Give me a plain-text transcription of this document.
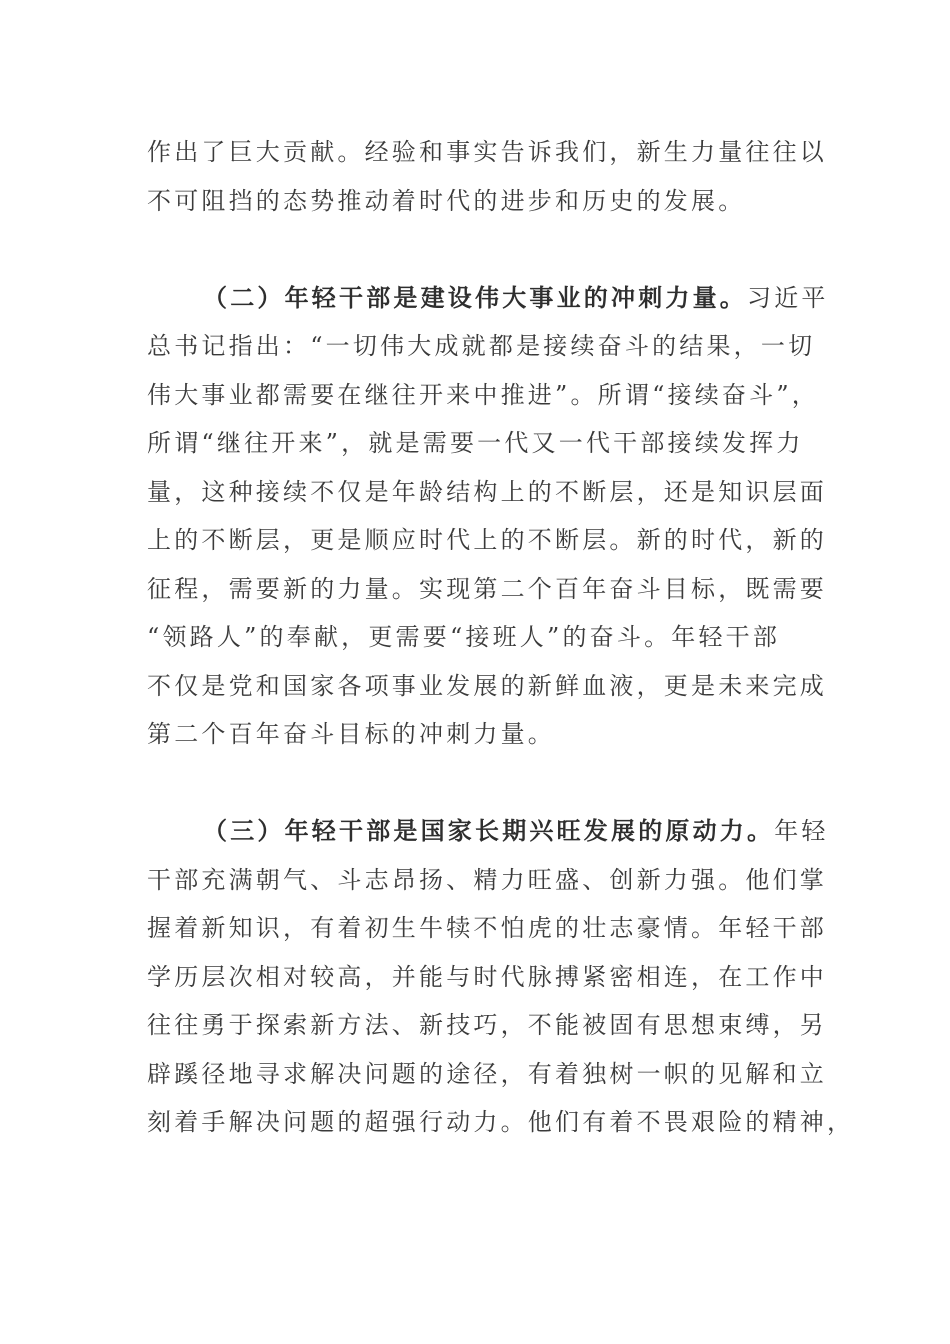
作出了巨大贡献。经验和事实告诉我们，新生力量往往以
不可阻挡的态势推动着时代的进步和历史的发展。
（二）年轻干部是建设伟大事业的冲刺力量。习近平
总书记指出：“一切伟大成就都是接续奋斗的结果，一切
伟大事业都需要在继往开来中推进”。所谓“接续奋斗”，
所谓“继往开来”，就是需要一代又一代干部接续发挥力
量，这种接续不仅是年龄结构上的不断层，还是知识层面
上的不断层，更是顺应时代上的不断层。新的时代，新的
征程，需要新的力量。实现第二个百年奋斗目标，既需要
“领路人”的奉献，更需要“接班人”的奋斗。年轻干部
不仅是党和国家各项事业发展的新鲜血液，更是未来完成
第二个百年奋斗目标的冲刺力量。
（三）年轻干部是国家长期兴旺发展的原动力。年轻
干部充满朝气、斗志昂扬、精力旺盛、创新力强。他们掌
握着新知识，有着初生牛犊不怕虎的壮志豪情。年轻干部
学历层次相对较高，并能与时代脉搏紧密相连，在工作中
往往勇于探索新方法、新技巧，不能被固有思想束缚，另
辟蹊径地寻求解决问题的途径，有着独树一帜的见解和立
刻着手解决问题的超强行动力。他们有着不畏艰险的精神，
